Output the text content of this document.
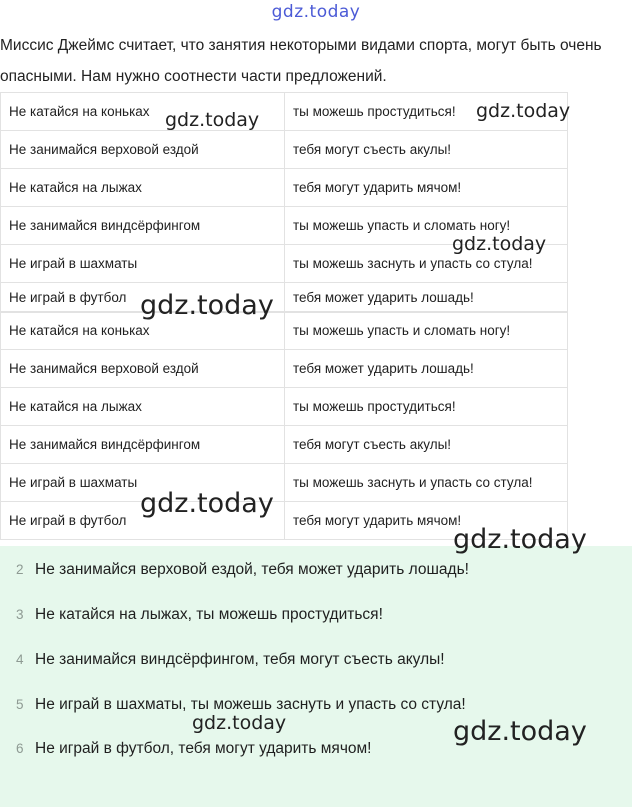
gdz.today
Миссис Джеймс считает, что занятия некоторыми видами спорта, могут быть очень опасными. Нам нужно соотнести части предложений.
Не катайся на коньках	ты можешь простудиться!
Не занимайся верховой ездой	тебя могут съесть акулы!
Не катайся на лыжах	тебя могут ударить мячом!
Не занимайся виндсёрфингом	ты можешь упасть и сломать ногу!
Не играй в шахматы	ты можешь заснуть и упасть со стула!
Не играй в футбол	тебя может ударить лошадь!
Не катайся на коньках	ты можешь упасть и сломать ногу!
Не занимайся верховой ездой	тебя может ударить лошадь!
Не катайся на лыжах	ты можешь простудиться!
Не занимайся виндсёрфингом	тебя могут съесть акулы!
Не играй в шахматы	ты можешь заснуть и упасть со стула!
Не играй в футбол	тебя могут ударить мячом!
2 Не занимайся верховой ездой, тебя может ударить лошадь!
3 Не катайся на лыжах, ты можешь простудиться!
4 Не занимайся виндсёрфингом, тебя могут съесть акулы!
5 Не играй в шахматы, ты можешь заснуть и упасть со стула!
6 Не играй в футбол, тебя могут ударить мячом!
gdz.today	gdz.today
gdz.today
gdz.today
gdz.today
gdz.today
gdz.today	gdz.today
